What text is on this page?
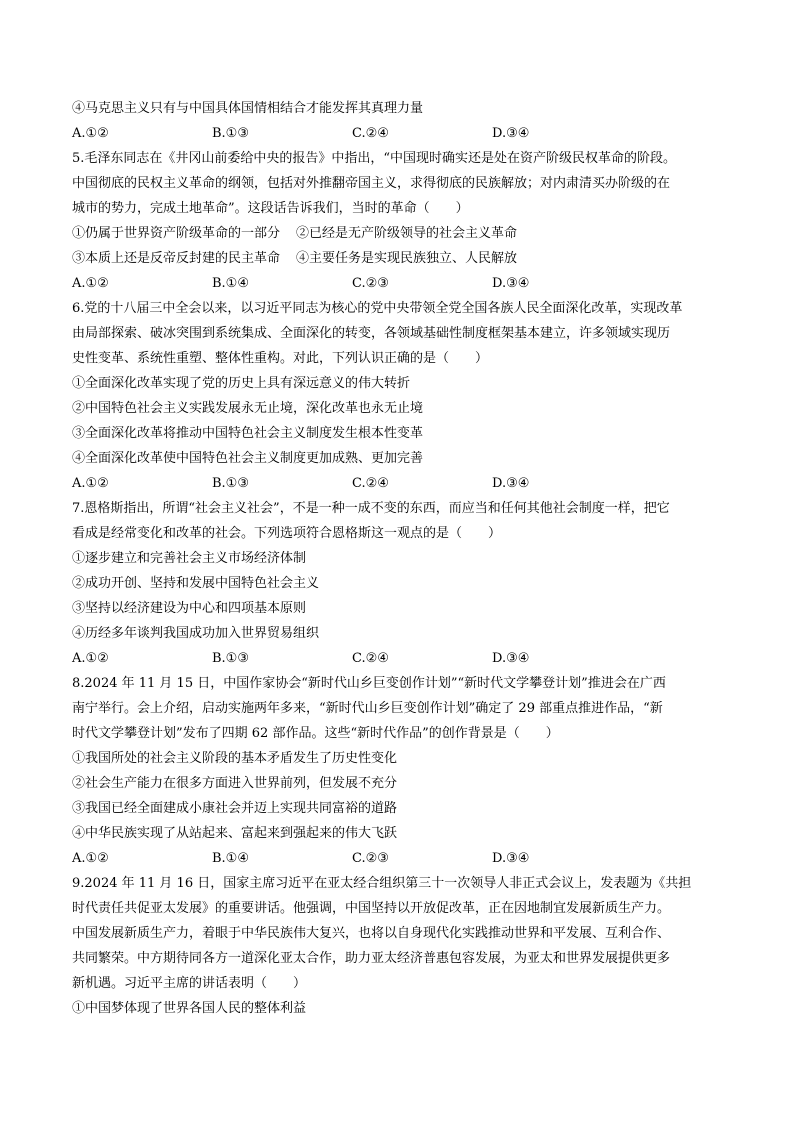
④马克思主义只有与中国具体国情相结合才能发挥其真理力量
A.①②	B.①③	C.②④	D.③④
5.毛泽东同志在《井冈山前委给中央的报告》中指出，“中国现时确实还是处在资产阶级民权革命的阶段。
中国彻底的民权主义革命的纲领，包括对外推翻帝国主义，求得彻底的民族解放；对内肃清买办阶级的在
城市的势力，完成土地革命”。这段话告诉我们，当时的革命（　　）
①仍属于世界资产阶级革命的一部分	②已经是无产阶级领导的社会主义革命
③本质上还是反帝反封建的民主革命	④主要任务是实现民族独立、人民解放
A.①②	B.①④	C.②③	D.③④
6.党的十八届三中全会以来，以习近平同志为核心的党中央带领全党全国各族人民全面深化改革，实现改革
由局部探索、破冰突围到系统集成、全面深化的转变，各领域基础性制度框架基本建立，许多领域实现历
史性变革、系统性重塑、整体性重构。对此，下列认识正确的是（　　）
①全面深化改革实现了党的历史上具有深远意义的伟大转折
②中国特色社会主义实践发展永无止境，深化改革也永无止境
③全面深化改革将推动中国特色社会主义制度发生根本性变革
④全面深化改革使中国特色社会主义制度更加成熟、更加完善
A.①②	B.①③	C.②④	D.③④
7.恩格斯指出，所谓“社会主义社会”，不是一种一成不变的东西，而应当和任何其他社会制度一样，把它
看成是经常变化和改革的社会。下列选项符合恩格斯这一观点的是（　　）
①逐步建立和完善社会主义市场经济体制
②成功开创、坚持和发展中国特色社会主义
③坚持以经济建设为中心和四项基本原则
④历经多年谈判我国成功加入世界贸易组织
A.①②	B.①③	C.②④	D.③④
8.2024 年 11 月 15 日，中国作家协会“新时代山乡巨变创作计划”“新时代文学攀登计划”推进会在广西
南宁举行。会上介绍，启动实施两年多来，“新时代山乡巨变创作计划”确定了 29 部重点推进作品，“新
时代文学攀登计划”发布了四期 62 部作品。这些“新时代作品”的创作背景是（　　）
①我国所处的社会主义阶段的基本矛盾发生了历史性变化
②社会生产能力在很多方面进入世界前列，但发展不充分
③我国已经全面建成小康社会并迈上实现共同富裕的道路
④中华民族实现了从站起来、富起来到强起来的伟大飞跃
A.①②	B.①④	C.②③	D.③④
9.2024 年 11 月 16 日，国家主席习近平在亚太经合组织第三十一次领导人非正式会议上，发表题为《共担
时代责任共促亚太发展》的重要讲话。他强调，中国坚持以开放促改革，正在因地制宜发展新质生产力。
中国发展新质生产力，着眼于中华民族伟大复兴，也将以自身现代化实践推动世界和平发展、互利合作、
共同繁荣。中方期待同各方一道深化亚太合作，助力亚太经济普惠包容发展，为亚太和世界发展提供更多
新机遇。习近平主席的讲话表明（　　）
①中国梦体现了世界各国人民的整体利益
